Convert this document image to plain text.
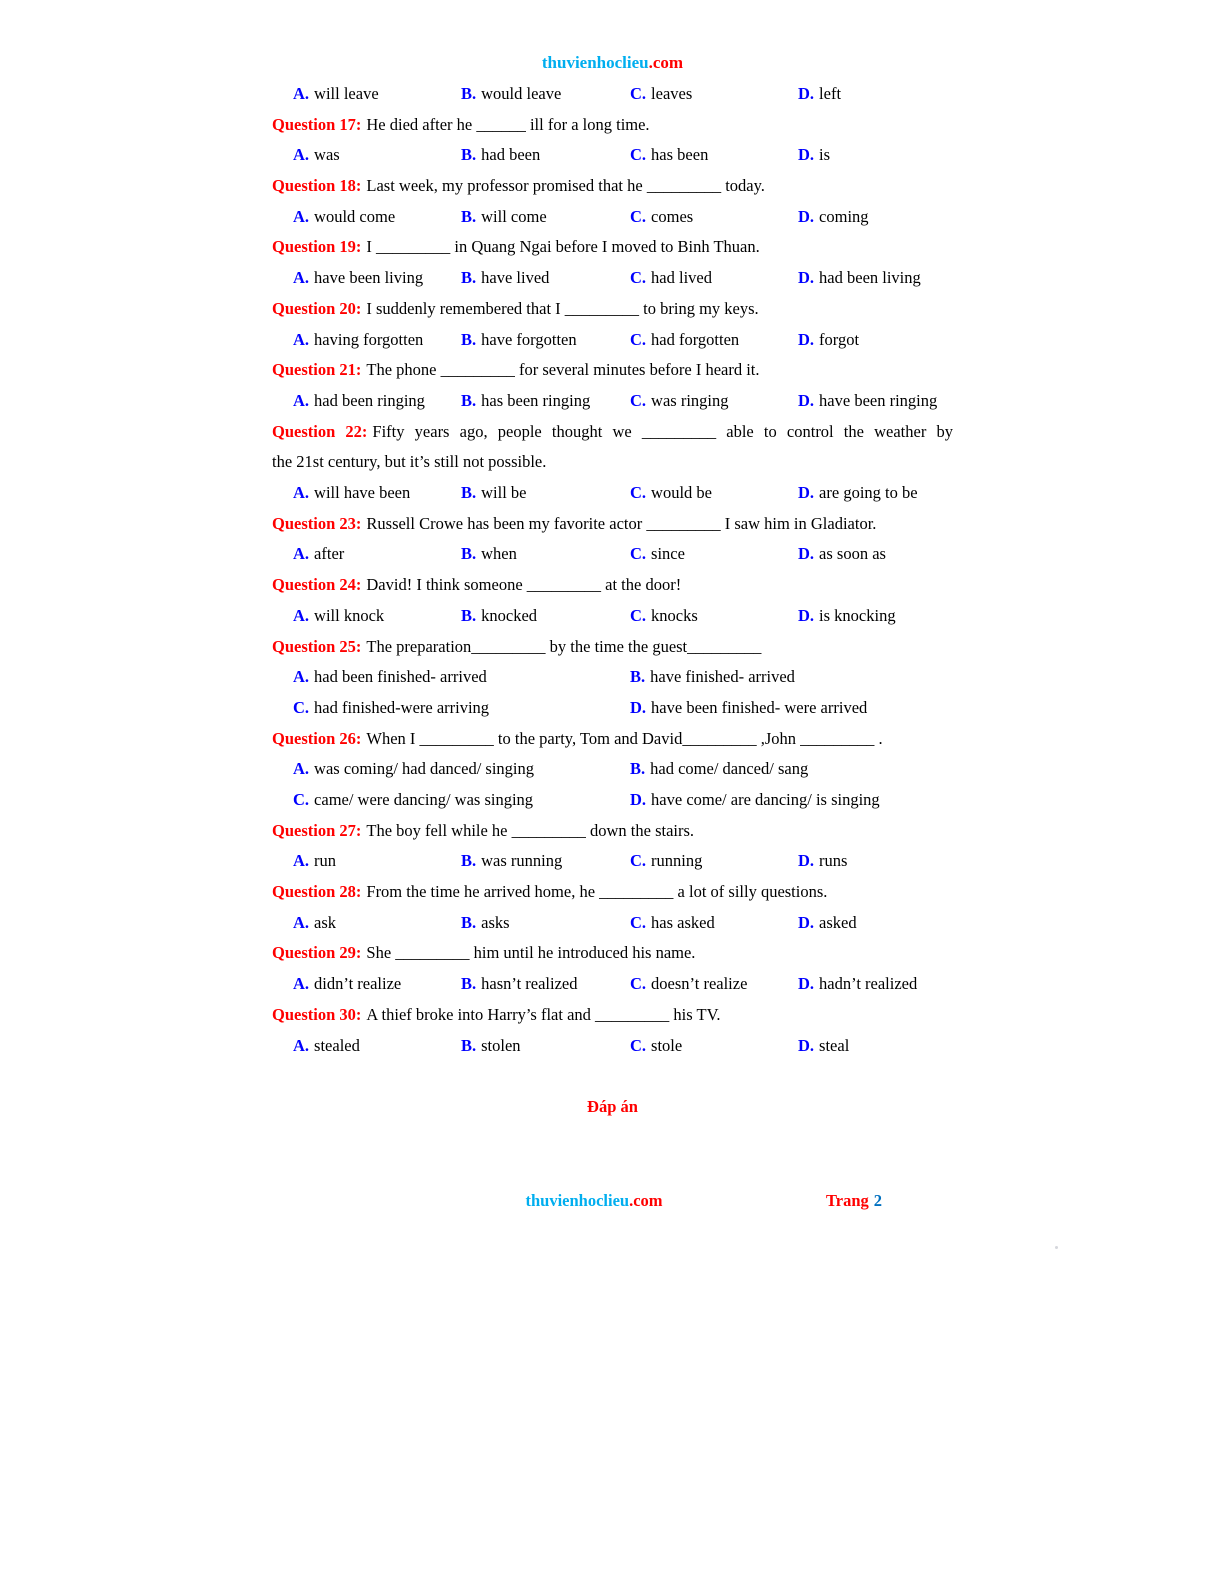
thuvienhoclieu.com
A. will leave	B. would leave	C. leaves	D. left
Question 17: He died after he ______ ill for a long time.
A. was	B. had been	C. has been	D. is
Question 18: Last week, my professor promised that he _________ today.
A. would come	B. will come	C. comes	D. coming
Question 19: I _________ in Quang Ngai before I moved to Binh Thuan.
A. have been living B. have lived	C. had lived	D. had been living
Question 20: I suddenly remembered that I _________ to bring my keys.
A. having forgotten B. have forgotten	C. had forgotten	D. forgot
Question 21: The phone _________ for several minutes before I heard it.
A. had been ringing B. has been ringing C. was ringing	D. have been ringing
Question 22: Fifty years ago, people thought we _________ able to control the weather by
the 21st century, but it’s still not possible.
A. will have been	B. will be	C. would be	D. are going to be
Question 23: Russell Crowe has been my favorite actor _________ I saw him in Gladiator.
A. after	B. when	C. since	D. as soon as
Question 24: David! I think someone _________ at the door!
A. will knock	B. knocked	C. knocks	D. is knocking
Question 25: The preparation_________ by the time the guest_________
A. had been finished- arrived	B. have finished- arrived
C. had finished-were arriving	D. have been finished- were arrived
Question 26: When I _________ to the party, Tom and David_________ ,John _________ .
A. was coming/ had danced/ singing	B. had come/ danced/ sang
C. came/ were dancing/ was singing	D. have come/ are dancing/ is singing
Question 27: The boy fell while he _________ down the stairs.
A. run	B. was running	C. running	D. runs
Question 28: From the time he arrived home, he _________ a lot of silly questions.
A. ask	B. asks	C. has asked	D. asked
Question 29: She _________ him until he introduced his name.
A. didn’t realize	B. hasn’t realized	C. doesn’t realize	D. hadn’t realized
Question 30: A thief broke into Harry’s flat and _________ his TV.
A. stealed	B. stolen	C. stole	D. steal
Đáp án
thuvienhoclieu.com	Trang 2
